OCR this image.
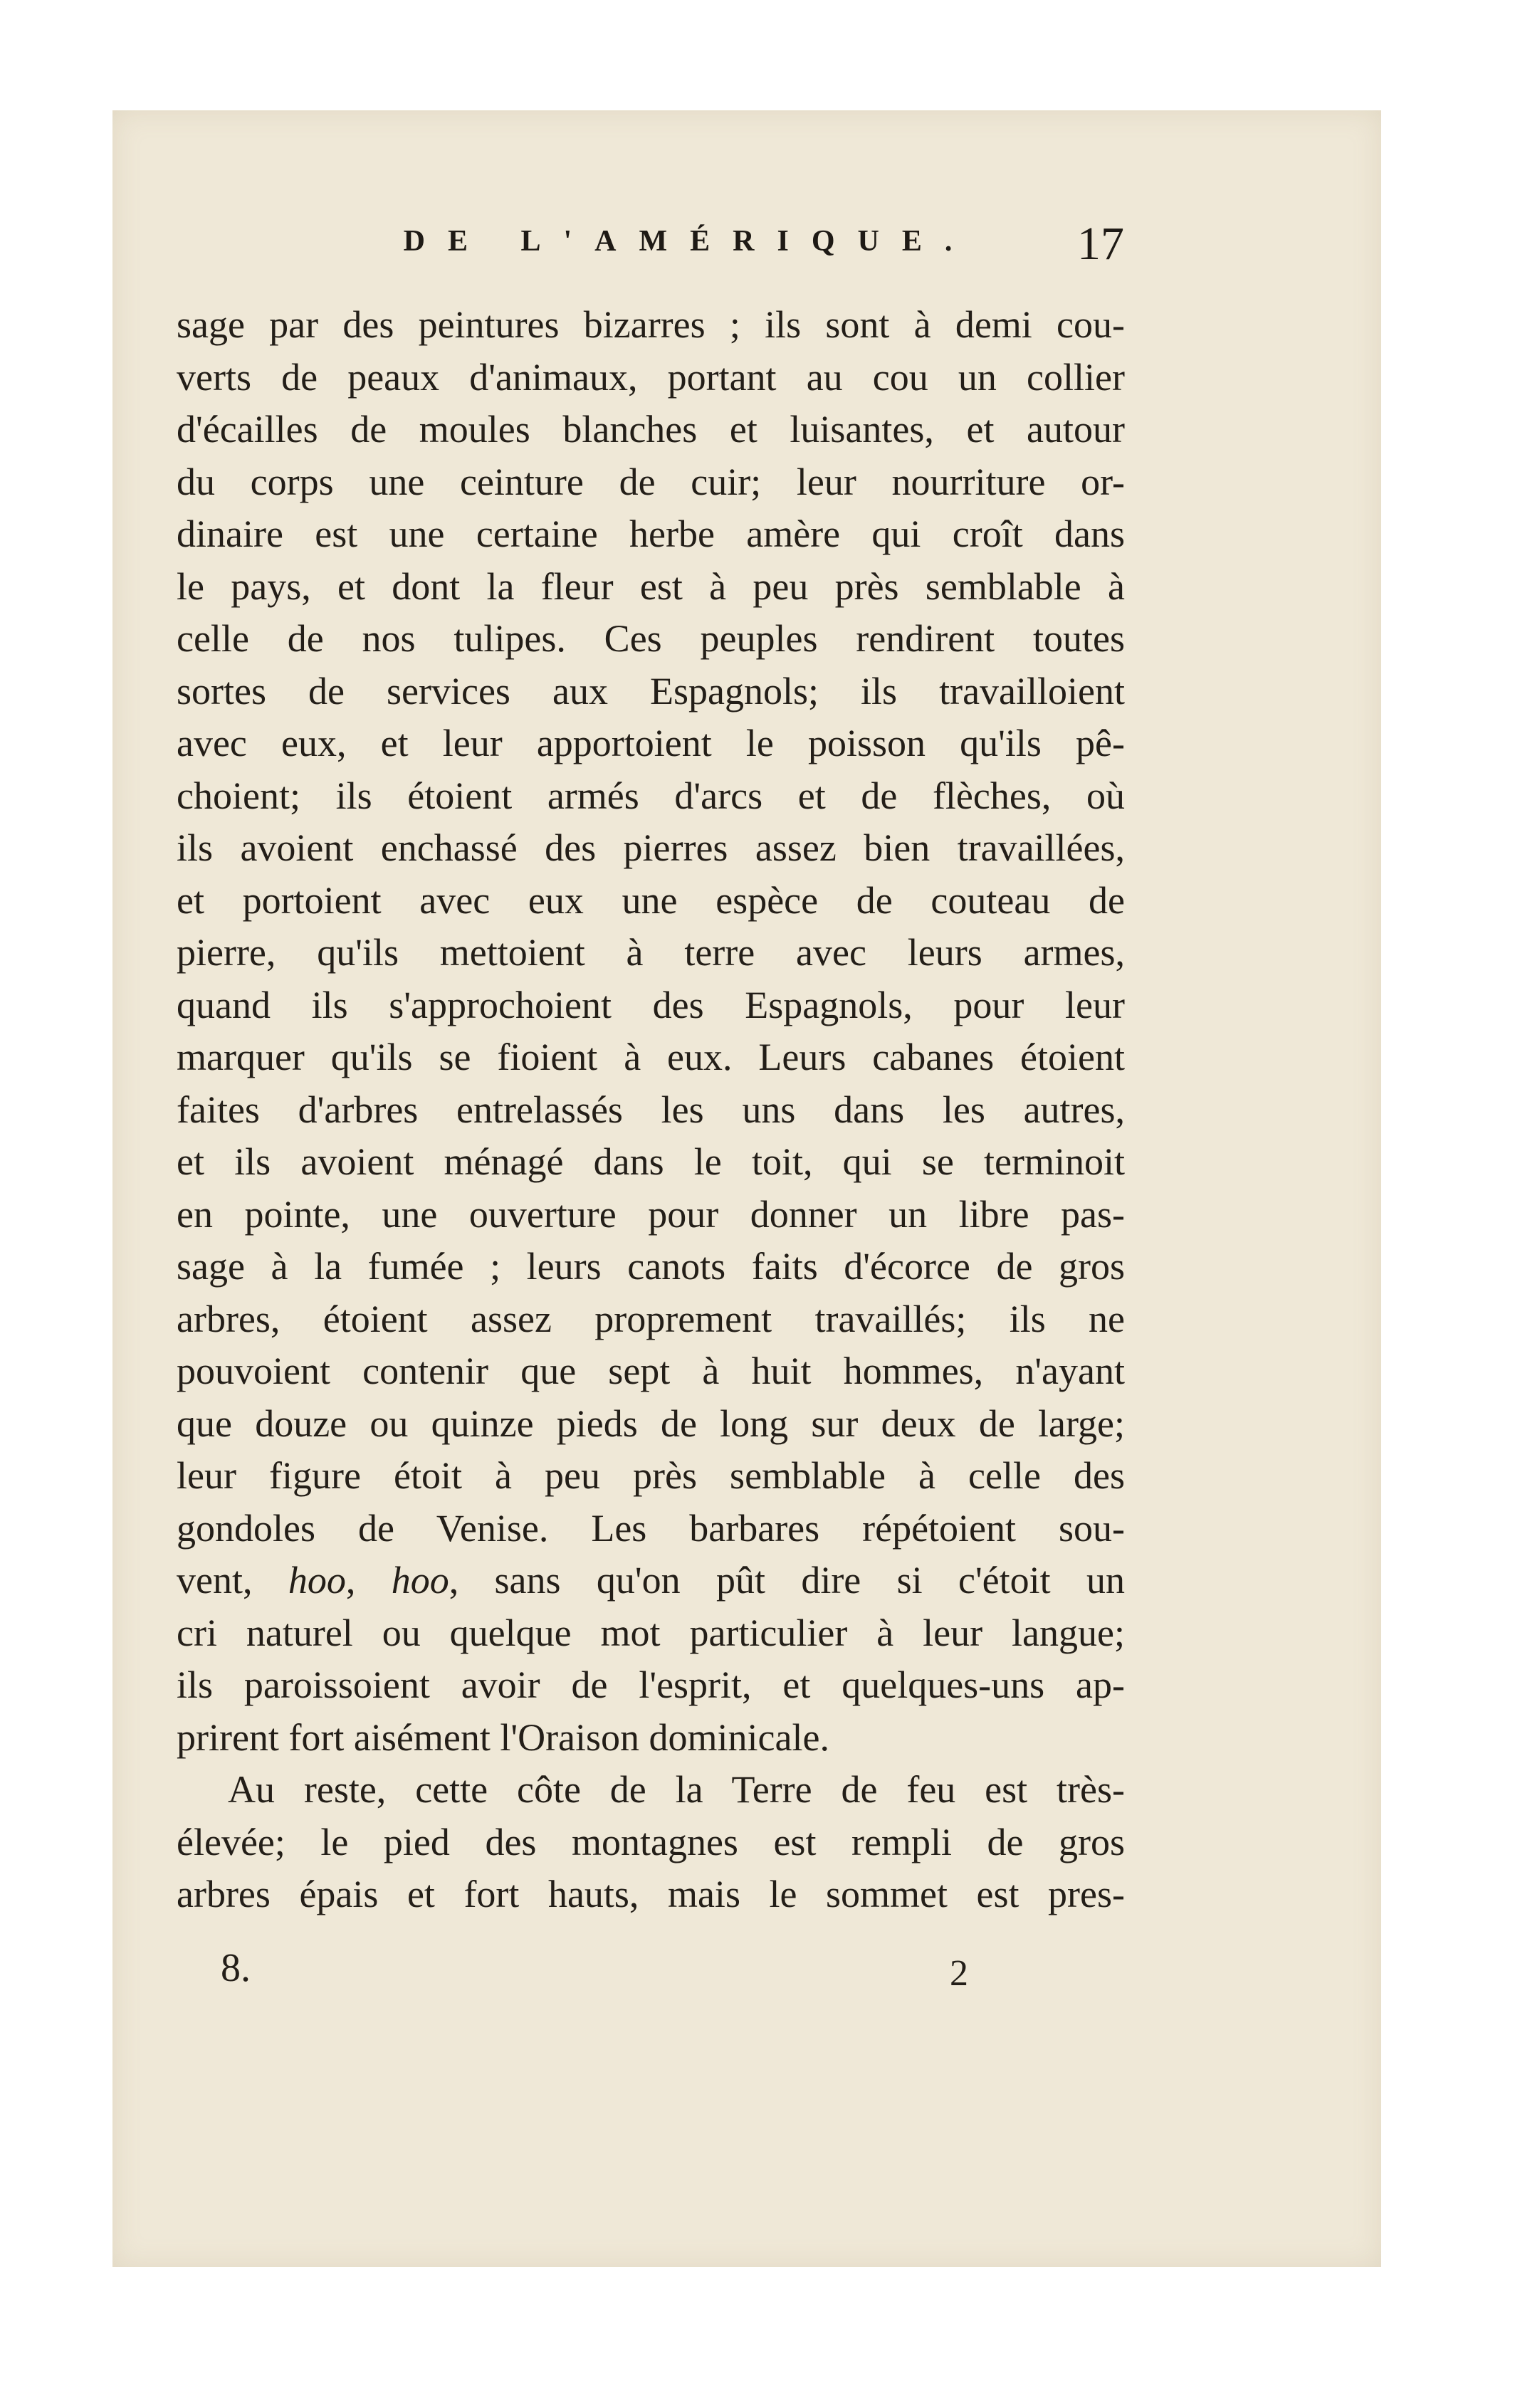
DE L'AMÉRIQUE.	17
sage par des peintures bizarres ; ils sont à demi cou-
verts de peaux d'animaux, portant au cou un collier
d'écailles de moules blanches et luisantes, et autour
du corps une ceinture de cuir; leur nourriture or-
dinaire est une certaine herbe amère qui croît dans
le pays, et dont la fleur est à peu près semblable à
celle de nos tulipes. Ces peuples rendirent toutes
sortes de services aux Espagnols; ils travailloient
avec eux, et leur apportoient le poisson qu'ils pê-
choient; ils étoient armés d'arcs et de flèches, où
ils avoient enchassé des pierres assez bien travaillées,
et portoient avec eux une espèce de couteau de
pierre, qu'ils mettoient à terre avec leurs armes,
quand ils s'approchoient des Espagnols, pour leur
marquer qu'ils se fioient à eux. Leurs cabanes étoient
faites d'arbres entrelassés les uns dans les autres,
et ils avoient ménagé dans le toit, qui se terminoit
en pointe, une ouverture pour donner un libre pas-
sage à la fumée ; leurs canots faits d'écorce de gros
arbres, étoient assez proprement travaillés; ils ne
pouvoient contenir que sept à huit hommes, n'ayant
que douze ou quinze pieds de long sur deux de large;
leur figure étoit à peu près semblable à celle des
gondoles de Venise. Les barbares répétoient sou-
vent, hoo, hoo, sans qu'on pût dire si c'étoit un
cri naturel ou quelque mot particulier à leur langue;
ils paroissoient avoir de l'esprit, et quelques-uns ap-
prirent fort aisément l'Oraison dominicale.
Au reste, cette côte de la Terre de feu est très-
élevée; le pied des montagnes est rempli de gros
arbres épais et fort hauts, mais le sommet est pres-
8.	2
